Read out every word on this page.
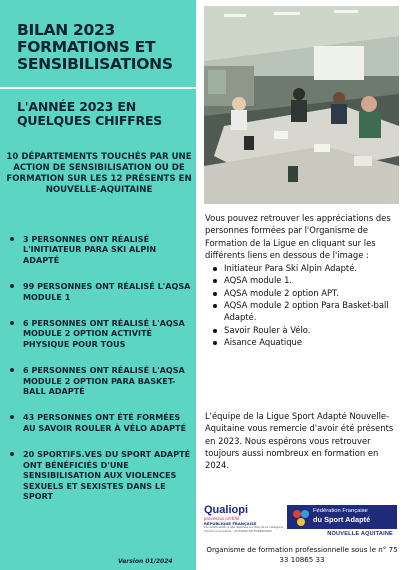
BILAN 2023 FORMATIONS ET SENSIBILISATIONS
L'ANNÉE 2023 EN QUELQUES CHIFFRES

10 DÉPARTEMENTS TOUCHÉS PAR UNE ACTION DE SENSIBILISATION OU DE FORMATION SUR LES 12 PRÉSENTS EN NOUVELLE-AQUITAINE

3 PERSONNES ONT RÉALISÉ L'INITIATEUR PARA SKI ALPIN ADAPTÉ
99 PERSONNES ONT RÉALISÉ L'AQSA MODULE 1
6 PERSONNES ONT RÉALISÉ L'AQSA MODULE 2 OPTION ACTIVITÉ PHYSIQUE POUR TOUS
6 PERSONNES ONT RÉALISÉ L'AQSA MODULE 2 OPTION PARA BASKET-BALL ADAPTÉ
43 PERSONNES ONT ÉTÉ FORMÉES AU SAVOIR ROULER À VÉLO ADAPTÉ
20 SPORTIFS.VES DU SPORT ADAPTÉ ONT BÉNÉFICIÉS D'UNE SENSIBILISATION AUX VIOLENCES SEXUELS ET SEXISTES DANS LE SPORT

Vous pouvez retrouver les appréciations des personnes formées par l'Organisme de Formation de la Ligue en cliquant sur les différents liens en dessous de l'image :

Initiateur Para Ski Alpin Adapté.
AQSA module 1.
AQSA module 2 option APT.
AQSA module 2 option Para Basket-ball Adapté.
Savoir Rouler à Vélo.
Aisance Aquatique

L'équipe de la Ligue Sport Adapté Nouvelle-Aquitaine vous remercie d'avoir été présents en 2023. Nous espérons vous retrouver toujours aussi nombreux en formation en 2024.

Qualiopi
processus certifié
RÉPUBLIQUE FRANÇAISE
La certification a été délivrée au titre de la catégorie d'actions suivante : ACTIONS DE FORMATION
Fédération Française
du Sport Adapté
NOUVELLE AQUITAINE

Organisme de formation professionnelle sous le n° 75 33 10865 33

Version 01/2024
